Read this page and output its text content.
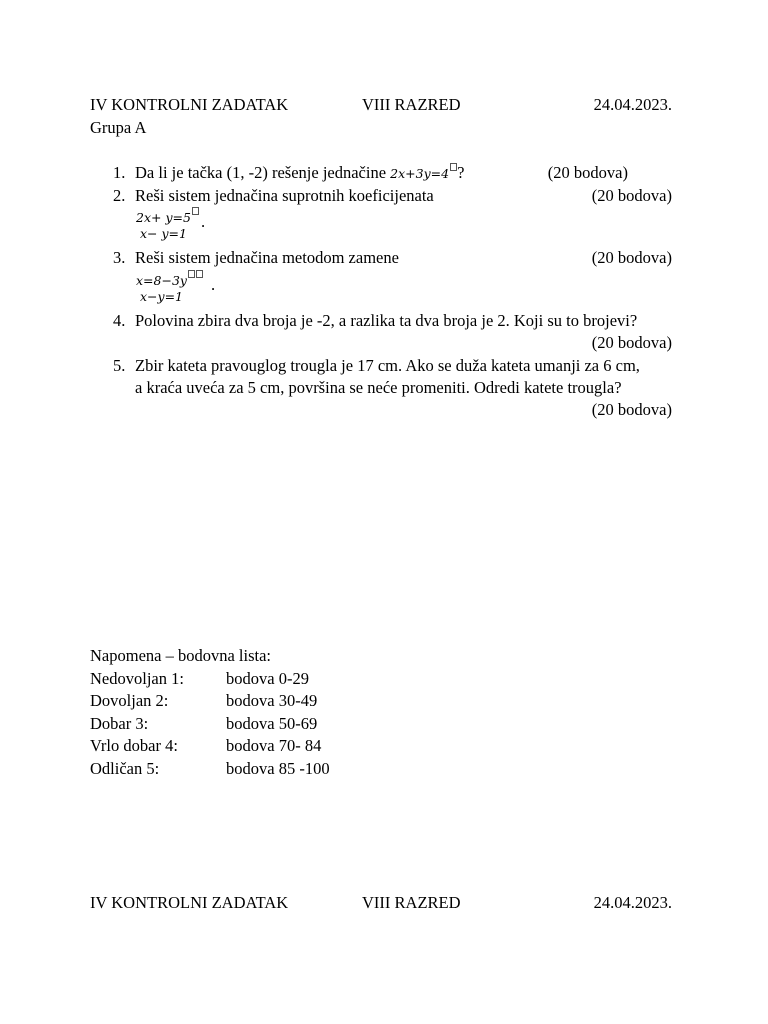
IV KONTROLNI ZADATAK	VIII RAZRED	24.04.2023.
Grupa A
1. Da li je tačka (1, -2) rešenje jednačine 2x+3y=4 ?	(20 bodova)
2. Reši sistem jednačina suprotnih koeficijenata	(20 bodova)
2x+ y=5
x− y=1
.
3. Reši sistem jednačina metodom zamene	(20 bodova)
x=8−3y
x−y=1
.
4. Polovina zbira dva broja je -2, a razlika ta dva broja je 2. Koji su to brojevi?
(20 bodova)
5. Zbir kateta pravouglog trougla je 17 cm. Ako se duža kateta umanji za 6 cm,
a kraća uveća za 5 cm, površina se neće promeniti. Odredi katete trougla?
(20 bodova)
Napomena – bodovna lista:
Nedovoljan 1:	bodova 0-29
Dovoljan 2:	bodova 30-49
Dobar 3:	bodova 50-69
Vrlo dobar 4:	bodova 70- 84
Odličan 5:	bodova 85 -100
IV KONTROLNI ZADATAK	VIII RAZRED	24.04.2023.
